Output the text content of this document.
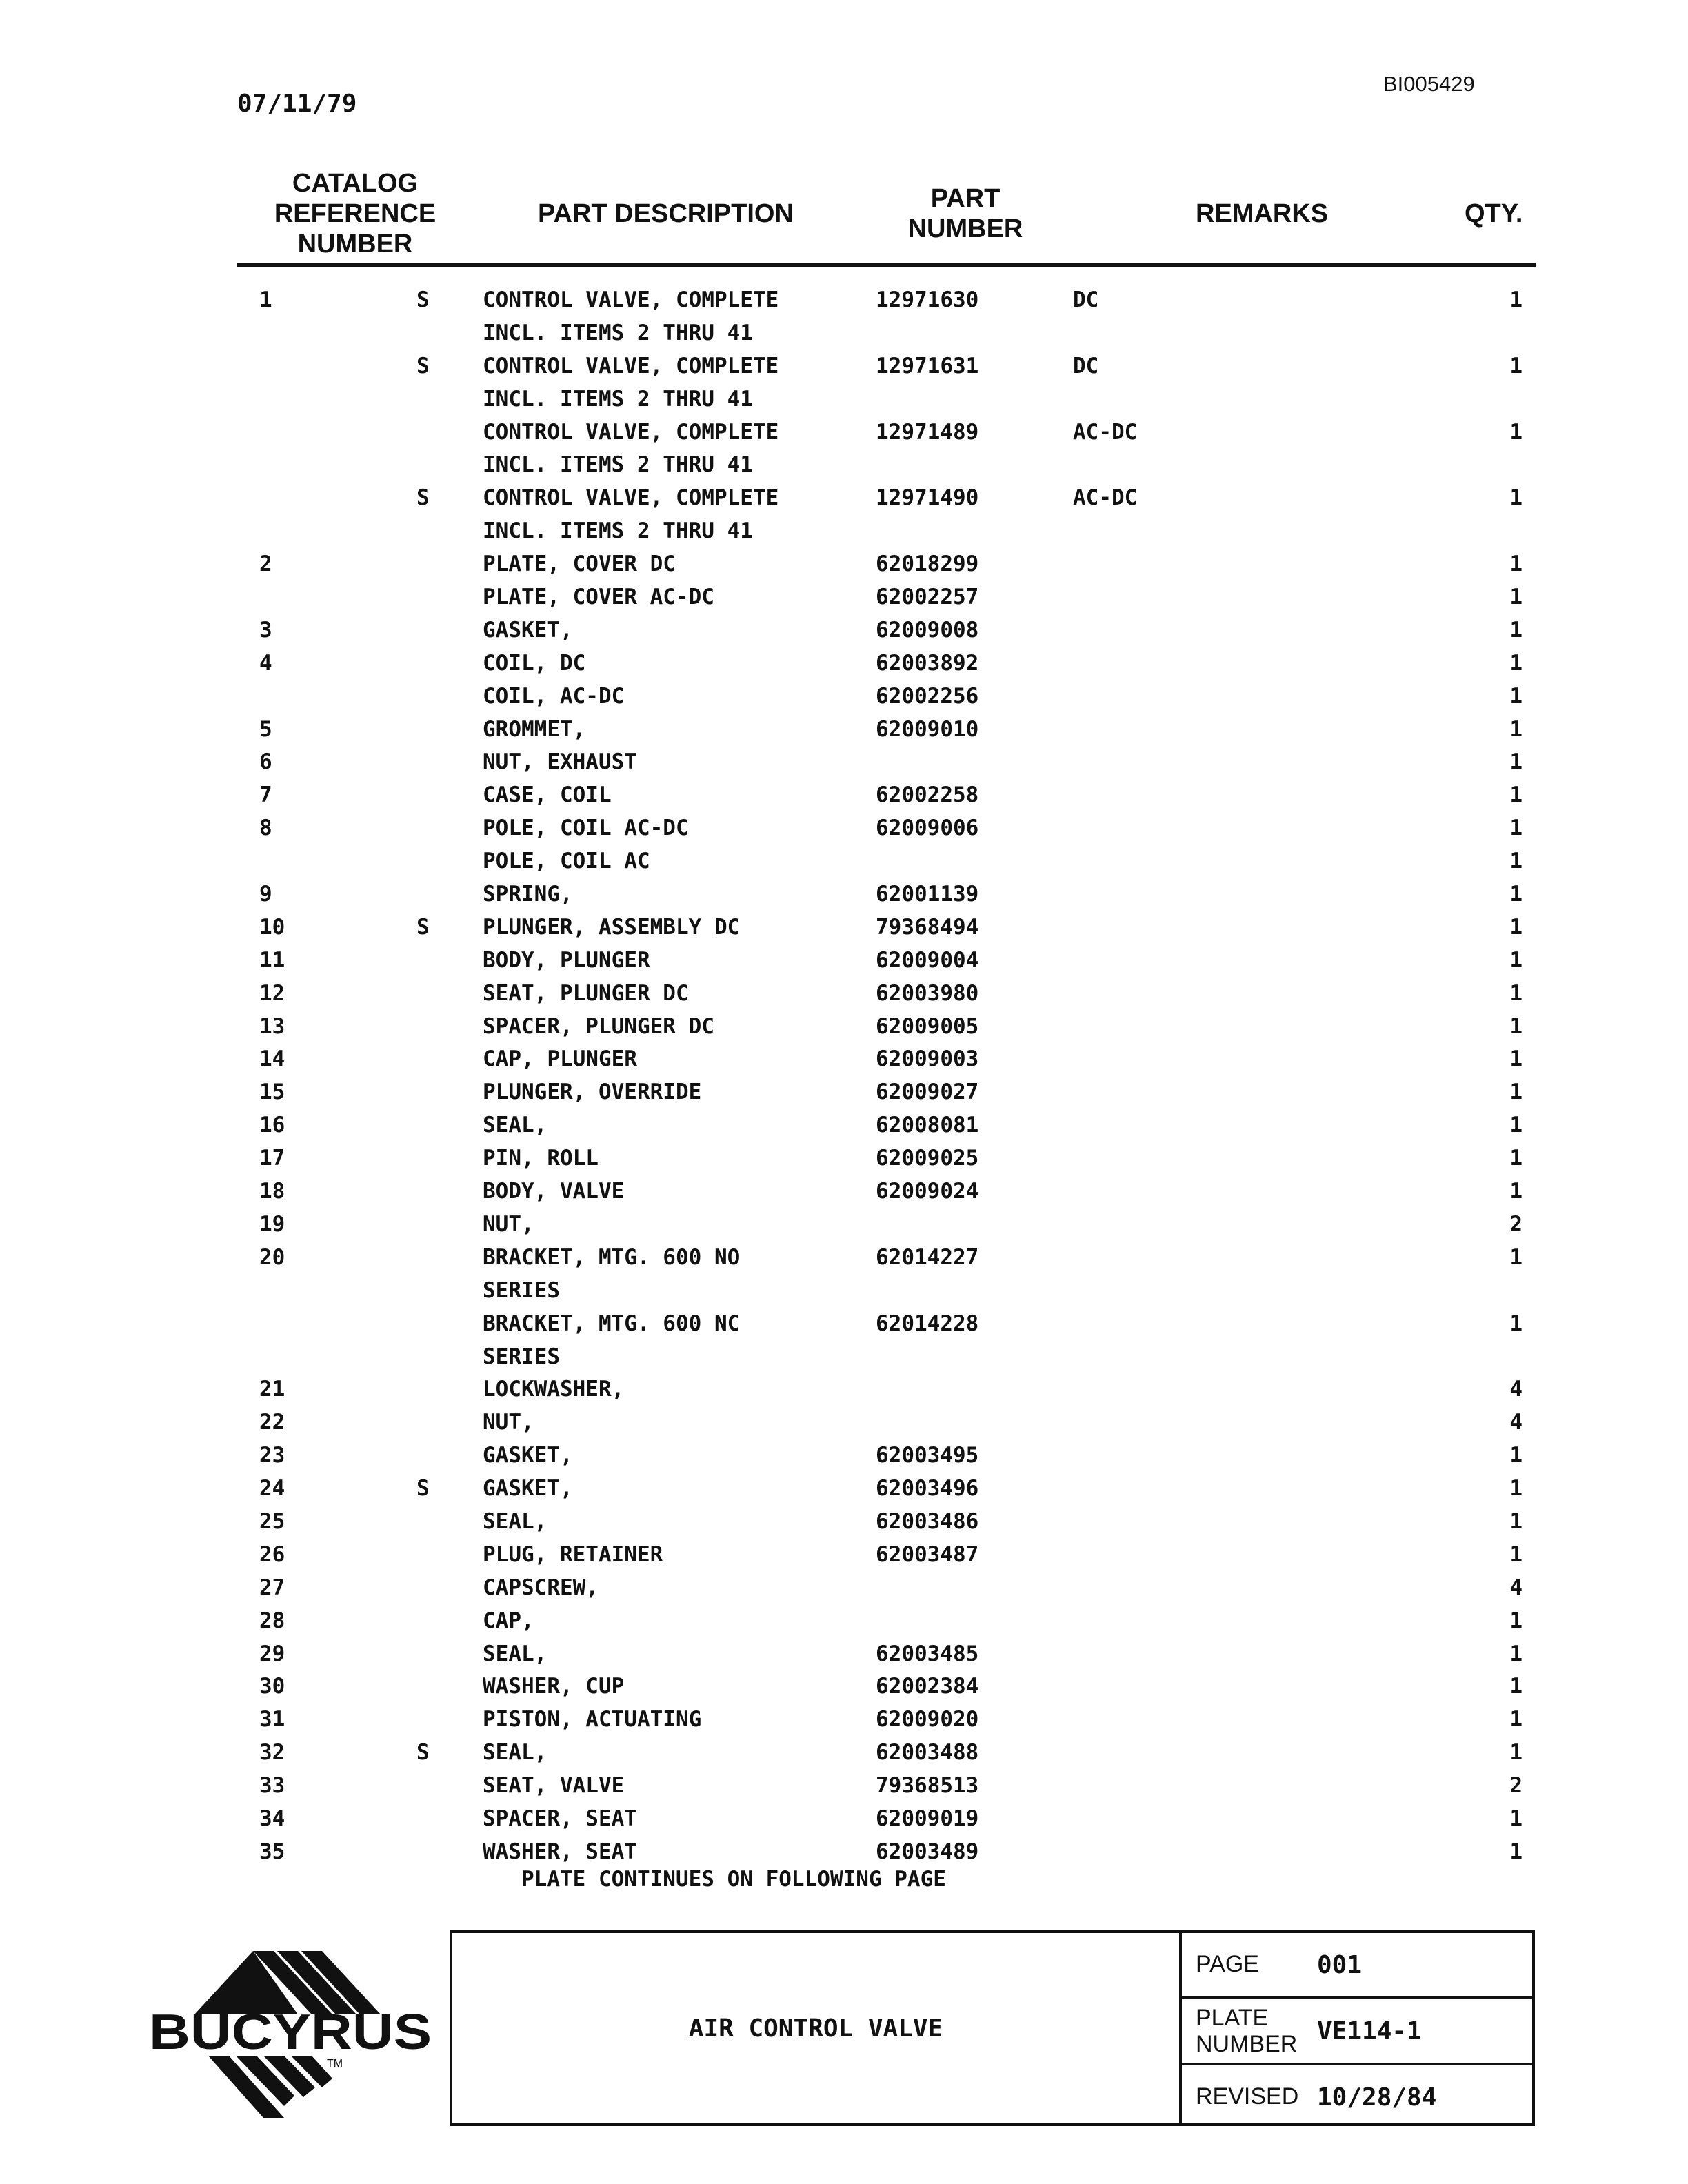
07/11/79
BI005429
CATALOG
REFERENCE
NUMBER
PART DESCRIPTION
PART NUMBER
REMARKS	QTY.
1	S CONTROL VALVE, COMPLETE	12971630	DC	1
INCL. ITEMS 2 THRU 41
S CONTROL VALVE, COMPLETE	12971631	DC	1
INCL. ITEMS 2 THRU 41
CONTROL VALVE, COMPLETE	12971489	AC-DC	1
INCL. ITEMS 2 THRU 41
S CONTROL VALVE, COMPLETE	12971490	AC-DC	1
INCL. ITEMS 2 THRU 41
2	PLATE, COVER DC	62018299	1
PLATE, COVER AC-DC	62002257	1
3	GASKET,	62009008	1
4	COIL, DC	62003892	1
COIL, AC-DC	62002256	1
5	GROMMET,	62009010	1
6	NUT, EXHAUST	1
7	CASE, COIL	62002258	1
8	POLE, COIL AC-DC	62009006	1
POLE, COIL AC	1
9	SPRING,	62001139	1
10	S PLUNGER, ASSEMBLY DC	79368494	1
11	BODY, PLUNGER	62009004	1
12	SEAT, PLUNGER DC	62003980	1
13	SPACER, PLUNGER DC	62009005	1
14	CAP, PLUNGER	62009003	1
15	PLUNGER, OVERRIDE	62009027	1
16	SEAL,	62008081	1
17	PIN, ROLL	62009025	1
18	BODY, VALVE	62009024	1
19	NUT,	2
20	BRACKET, MTG. 600 NO	62014227	1
SERIES
BRACKET, MTG. 600 NC	62014228	1
SERIES
21	LOCKWASHER,	4
22	NUT,	4
23	GASKET,	62003495	1
24	S GASKET,	62003496	1
25	SEAL,	62003486	1
26	PLUG, RETAINER	62003487	1
27	CAPSCREW,	4
28	CAP,	1
29	SEAL,	62003485	1
30	WASHER, CUP	62002384	1
31	PISTON, ACTUATING	62009020	1
32	S SEAL,	62003488	1
33	SEAT, VALVE	79368513	2
34	SPACER, SEAT	62009019	1
35	WASHER, SEAT	62003489	1
PLATE CONTINUES ON FOLLOWING PAGE
BUCYRUS
TM
AIR CONTROL VALVE
PAGE 001
PLATE
NUMBER VE114-1
REVISED 10/28/84
